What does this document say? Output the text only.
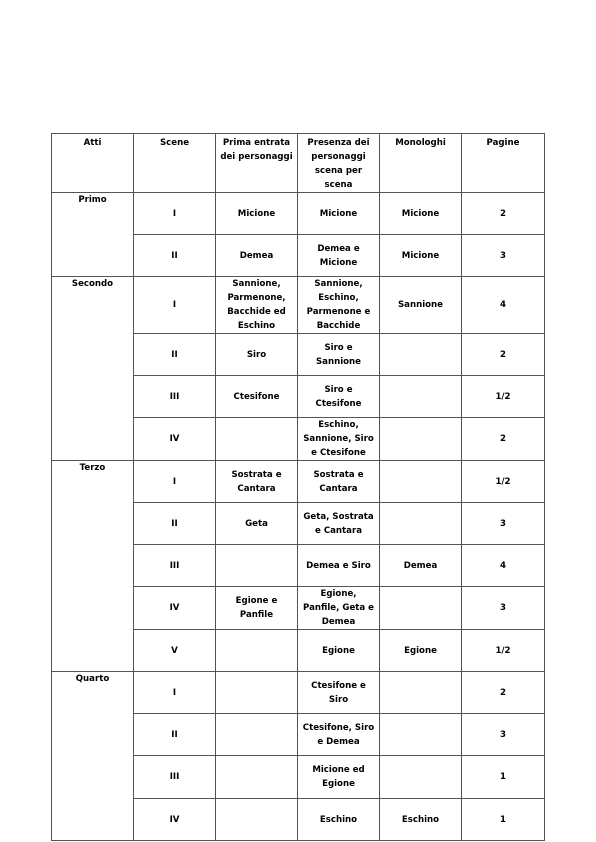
Atti	Scene	Prima entrata dei personaggi	Presenza dei personaggi scena per scena	Monologhi	Pagine
Primo	I	Micione	Micione	Micione	2
	II	Demea	Demea e Micione	Micione	3
Secondo	I	Sannione, Parmenone, Bacchide ed Eschino	Sannione, Eschino, Parmenone e Bacchide	Sannione	4
	II	Siro	Siro e Sannione		2
	III	Ctesifone	Siro e Ctesifone		1/2
	IV		Eschino, Sannione, Siro e Ctesifone		2
Terzo	I	Sostrata e Cantara	Sostrata e Cantara		1/2
	II	Geta	Geta, Sostrata e Cantara		3
	III		Demea e Siro	Demea	4
	IV	Egione e Panfile	Egione, Panfile, Geta e Demea		3
	V		Egione	Egione	1/2
Quarto	I		Ctesifone e Siro		2
	II		Ctesifone, Siro e Demea		3
	III		Micione ed Egione		1
	IV		Eschino	Eschino	1
